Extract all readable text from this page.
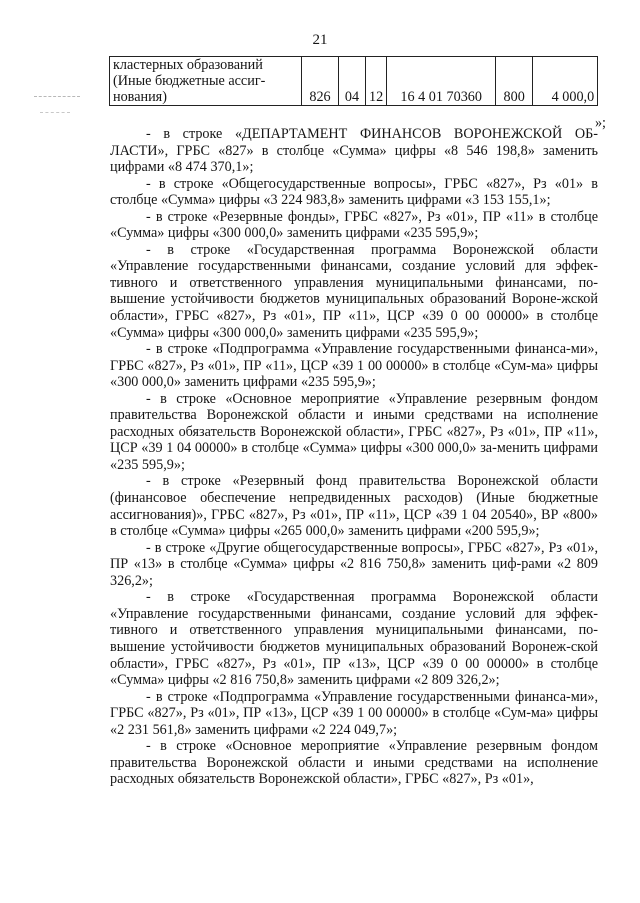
21
кластерных образований
(Иные бюджетные ассиг-
нования)	826	04	12	16 4 01 70360	800	4 000,0
»;

- в строке «ДЕПАРТАМЕНТ ФИНАНСОВ ВОРОНЕЖСКОЙ ОБ-ЛАСТИ», ГРБС «827» в столбце «Сумма» цифры «8 546 198,8» заменить цифрами «8 474 370,1»;

- в строке «Общегосударственные вопросы», ГРБС «827», Рз «01» в столбце «Сумма» цифры «3 224 983,8» заменить цифрами «3 153 155,1»;

- в строке «Резервные фонды», ГРБС «827», Рз «01», ПР «11» в столбце «Сумма» цифры «300 000,0» заменить цифрами «235 595,9»;

- в строке «Государственная программа Воронежской области «Управление государственными финансами, создание условий для эффек-тивного и ответственного управления муниципальными финансами, по-вышение устойчивости бюджетов муниципальных образований Вороне-жской области», ГРБС «827», Рз «01», ПР «11», ЦСР «39 0 00 00000» в столбце «Сумма» цифры «300 000,0» заменить цифрами «235 595,9»;

- в строке «Подпрограмма «Управление государственными финанса-ми», ГРБС «827», Рз «01», ПР «11», ЦСР «39 1 00 00000» в столбце «Сум-ма» цифры «300 000,0» заменить цифрами «235 595,9»;

- в строке «Основное мероприятие «Управление резервным фондом правительства Воронежской области и иными средствами на исполнение расходных обязательств Воронежской области», ГРБС «827», Рз «01», ПР «11», ЦСР «39 1 04 00000» в столбце «Сумма» цифры «300 000,0» за-менить цифрами «235 595,9»;

- в строке «Резервный фонд правительства Воронежской области (финансовое обеспечение непредвиденных расходов) (Иные бюджетные ассигнования)», ГРБС «827», Рз «01», ПР «11», ЦСР «39 1 04 20540», ВР «800» в столбце «Сумма» цифры «265 000,0» заменить цифрами «200 595,9»;

- в строке «Другие общегосударственные вопросы», ГРБС «827», Рз «01», ПР «13» в столбце «Сумма» цифры «2 816 750,8» заменить циф-рами «2 809 326,2»;

- в строке «Государственная программа Воронежской области «Управление государственными финансами, создание условий для эффек-тивного и ответственного управления муниципальными финансами, по-вышение устойчивости бюджетов муниципальных образований Воронеж-ской области», ГРБС «827», Рз «01», ПР «13», ЦСР «39 0 00 00000» в столбце «Сумма» цифры «2 816 750,8» заменить цифрами «2 809 326,2»;

- в строке «Подпрограмма «Управление государственными финанса-ми», ГРБС «827», Рз «01», ПР «13», ЦСР «39 1 00 00000» в столбце «Сум-ма» цифры «2 231 561,8» заменить цифрами «2 224 049,7»;

- в строке «Основное мероприятие «Управление резервным фондом правительства Воронежской области и иными средствами на исполнение расходных обязательств Воронежской области», ГРБС «827», Рз «01»,
